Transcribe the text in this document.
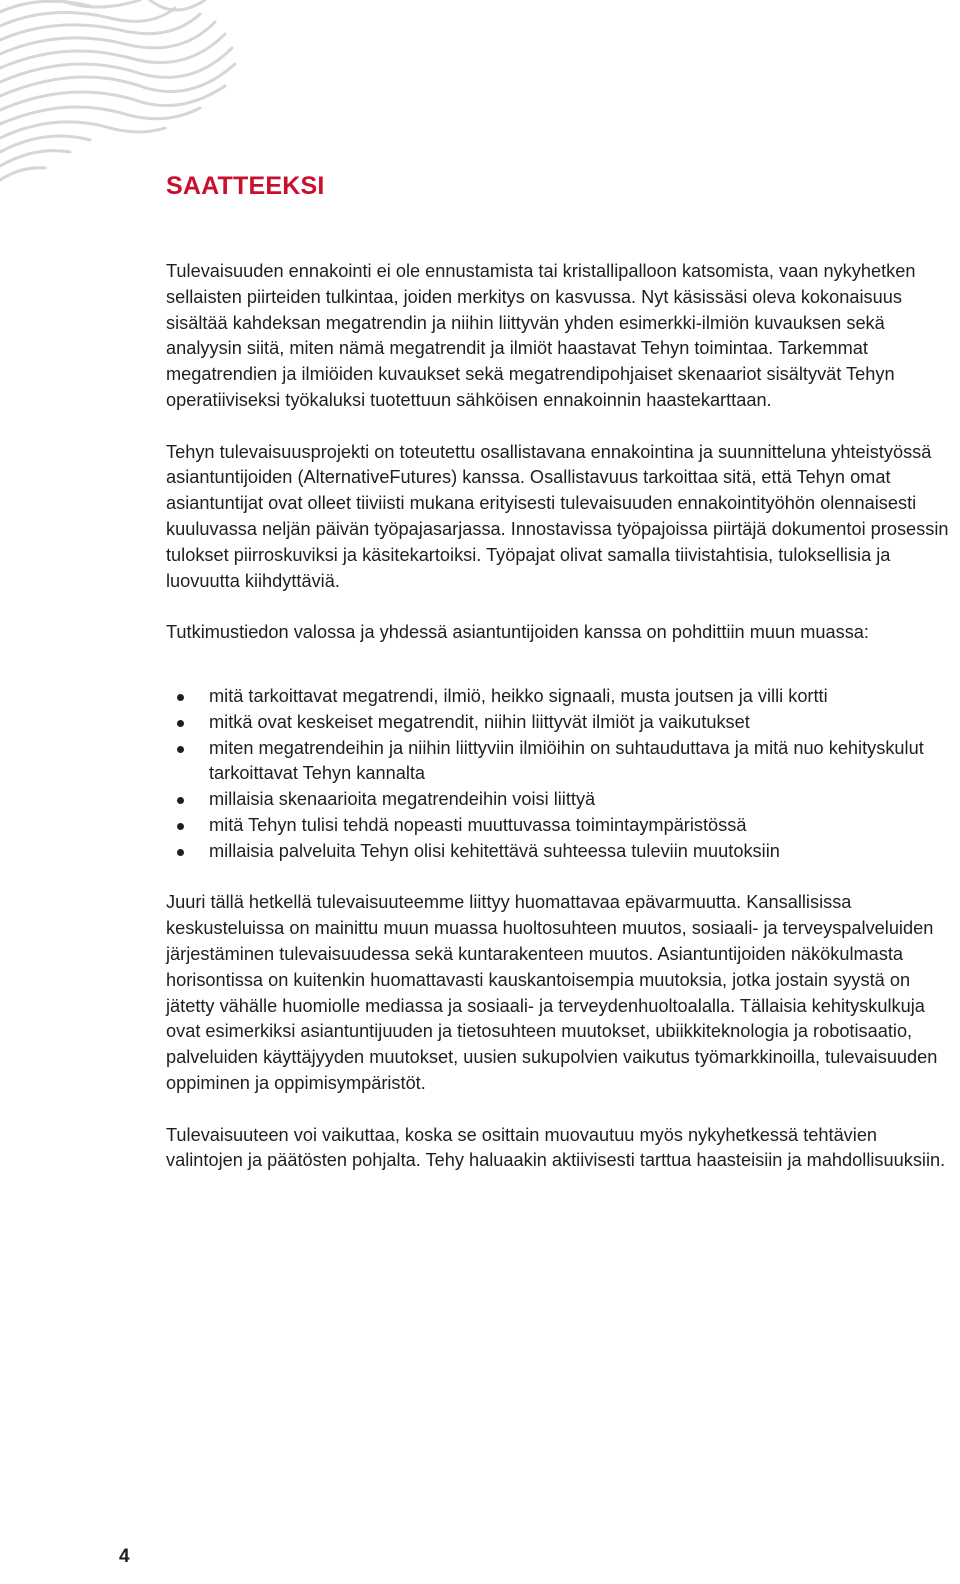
SAATTEEKSI

Tulevaisuuden ennakointi ei ole ennustamista tai kristallipalloon katsomista, vaan nykyhetken sellaisten piirteiden tulkintaa, joiden merkitys on kasvussa. Nyt käsissäsi oleva kokonaisuus sisältää kahdeksan megatrendin ja niihin liittyvän yhden esimerkki-ilmiön kuvauksen sekä analyysin siitä, miten nämä megatrendit ja ilmiöt haastavat Tehyn toimintaa. Tarkemmat megatrendien ja ilmiöiden kuvaukset sekä megatrendipohjaiset skenaariot sisältyvät Tehyn operatiiviseksi työkaluksi tuotettuun sähköisen ennakoinnin haastekarttaan.

Tehyn tulevaisuusprojekti on toteutettu osallistavana ennakointina ja suunnitteluna yhteistyössä asiantuntijoiden (AlternativeFutures) kanssa. Osallistavuus tarkoittaa sitä, että Tehyn omat asiantuntijat ovat olleet tiiviisti mukana erityisesti tulevaisuuden ennakointityöhön olennaisesti kuuluvassa neljän päivän työpajasarjassa. Innostavissa työpajoissa piirtäjä dokumentoi prosessin tulokset piirroskuviksi ja käsitekartoiksi. Työpajat olivat samalla tiivistahtisia, tuloksellisia ja luovuutta kiihdyttäviä.

Tutkimustiedon valossa ja yhdessä asiantuntijoiden kanssa on pohdittiin muun muassa:

mitä tarkoittavat megatrendi, ilmiö, heikko signaali, musta joutsen ja villi kortti
mitkä ovat keskeiset megatrendit, niihin liittyvät ilmiöt ja vaikutukset
miten megatrendeihin ja niihin liittyviin ilmiöihin on suhtauduttava ja mitä nuo kehityskulut tarkoittavat Tehyn kannalta
millaisia skenaarioita megatrendeihin voisi liittyä
mitä Tehyn tulisi tehdä nopeasti muuttuvassa toimintaympäristössä
millaisia palveluita Tehyn olisi kehitettävä suhteessa tuleviin muutoksiin

Juuri tällä hetkellä tulevaisuuteemme liittyy huomattavaa epävarmuutta. Kansallisissa keskusteluissa on mainittu muun muassa huoltosuhteen muutos, sosiaali- ja terveyspalveluiden järjestäminen tulevaisuudessa sekä kuntarakenteen muutos. Asiantuntijoiden näkökulmasta horisontissa on kuitenkin huomattavasti kauskantoisempia muutoksia, jotka jostain syystä on jätetty vähälle huomiolle mediassa ja sosiaali- ja terveydenhuoltoalalla. Tällaisia kehityskulkuja ovat esimerkiksi asiantuntijuuden ja tietosuhteen muutokset, ubiikkiteknologia ja robotisaatio, palveluiden käyttäjyyden muutokset, uusien sukupolvien vaikutus työmarkkinoilla, tulevaisuuden oppiminen ja oppimisympäristöt.

Tulevaisuuteen voi vaikuttaa, koska se osittain muovautuu myös nykyhetkessä tehtävien valintojen ja päätösten pohjalta. Tehy haluaakin aktiivisesti tarttua haasteisiin ja mahdollisuuksiin.

4
